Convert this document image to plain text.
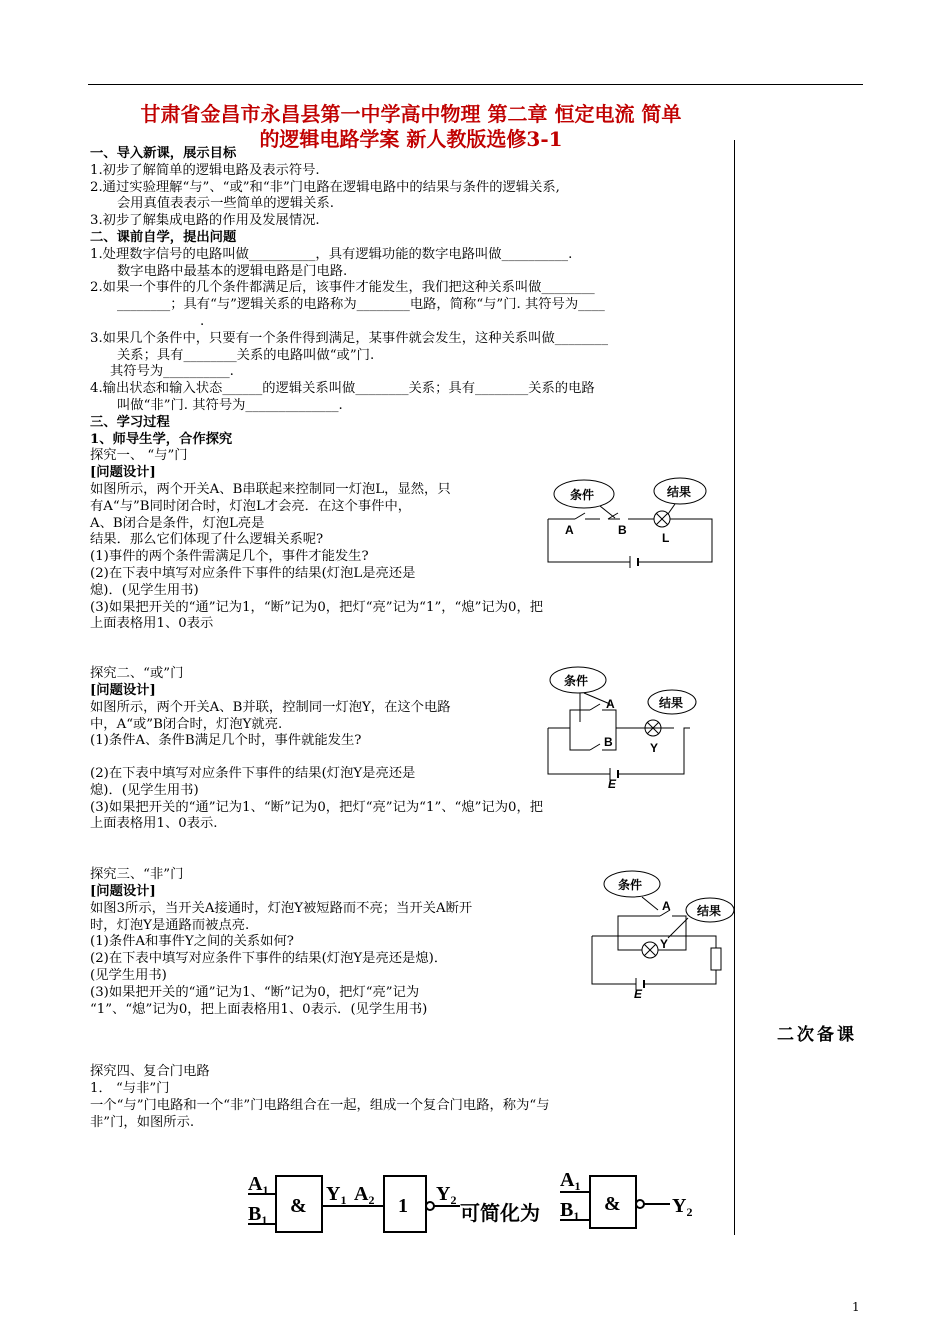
甘肃省金昌市永昌县第一中学高中物理 第二章 恒定电流 简单
的逻辑电路学案 新人教版选修3-1

一、导入新课，展示目标

1.初步了解简单的逻辑电路及表示符号.

2.通过实验理解“与”、“或”和“非”门电路在逻辑电路中的结果与条件的逻辑关系,

会用真值表表示一些简单的逻辑关系.

3.初步了解集成电路的作用及发展情况.

二、课前自学，提出问题

1.处理数字信号的电路叫做__________，具有逻辑功能的数字电路叫做__________.

数字电路中最基本的逻辑电路是门电路.

2.如果一个事件的几个条件都满足后，该事件才能发生，我们把这种关系叫做________

________；具有“与”逻辑关系的电路称为________电路，简称“与”门. 其符号为____

.

3.如果几个条件中，只要有一个条件得到满足，某事件就会发生，这种关系叫做________

关系；具有________关系的电路叫做“或”门.

其符号为__________.

4.输出状态和输入状态______的逻辑关系叫做________关系；具有________关系的电路

叫做“非”门. 其符号为______________.

三、学习过程

1、师导生学，合作探究

探究一、 “与”门

[问题设计]

如图所示，两个开关A、B串联起来控制同一灯泡L，显然，只

有A“与”B同时闭合时，灯泡L才会亮．在这个事件中，

A、B闭合是条件，灯泡L亮是

结果．那么它们体现了什么逻辑关系呢?

(1)事件的两个条件需满足几个，事件才能发生?

(2)在下表中填写对应条件下事件的结果(灯泡L是亮还是

熄)．(见学生用书)

(3)如果把开关的“通”记为1，“断”记为0，把灯“亮”记为“1”，“熄”记为0，把

上面表格用1、0表示

探究二、“或”门

[问题设计]

如图所示，两个开关A、B并联，控制同一灯泡Y，在这个电路

中，A“或”B闭合时，灯泡Y就亮.

(1)条件A、条件B满足几个时，事件就能发生?

(2)在下表中填写对应条件下事件的结果(灯泡Y是亮还是

熄)．(见学生用书)

(3)如果把开关的“通”记为1、“断”记为0，把灯“亮”记为“1”、“熄”记为0，把

上面表格用1、0表示.

探究三、“非”门

[问题设计]

如图3所示，当开关A接通时，灯泡Y被短路而不亮；当开关A断开

时，灯泡Y是通路而被点亮.

(1)条件A和事件Y之间的关系如何?

(2)在下表中填写对应条件下事件的结果(灯泡Y是亮还是熄)．

(见学生用书)

(3)如果把开关的“通”记为1、“断”记为0，把灯“亮”记为

“1”、“熄”记为0，把上面表格用1、0表示．(见学生用书)

探究四、复合门电路

1． “与非”门

一个“与”门电路和一个“非”门电路组合在一起，组成一个复合门电路，称为“与

非”门，如图所示.

条件	结果
A	B
L
条件
结果
A
B	Y
E
条件
结果
A
Y
E
$A_1$
$B_1$
&
$Y_1$ $A_2$ 1
$Y_2$
可简化为
$A_1$
$B_1$
&	$Y_2$
二次备课
1
